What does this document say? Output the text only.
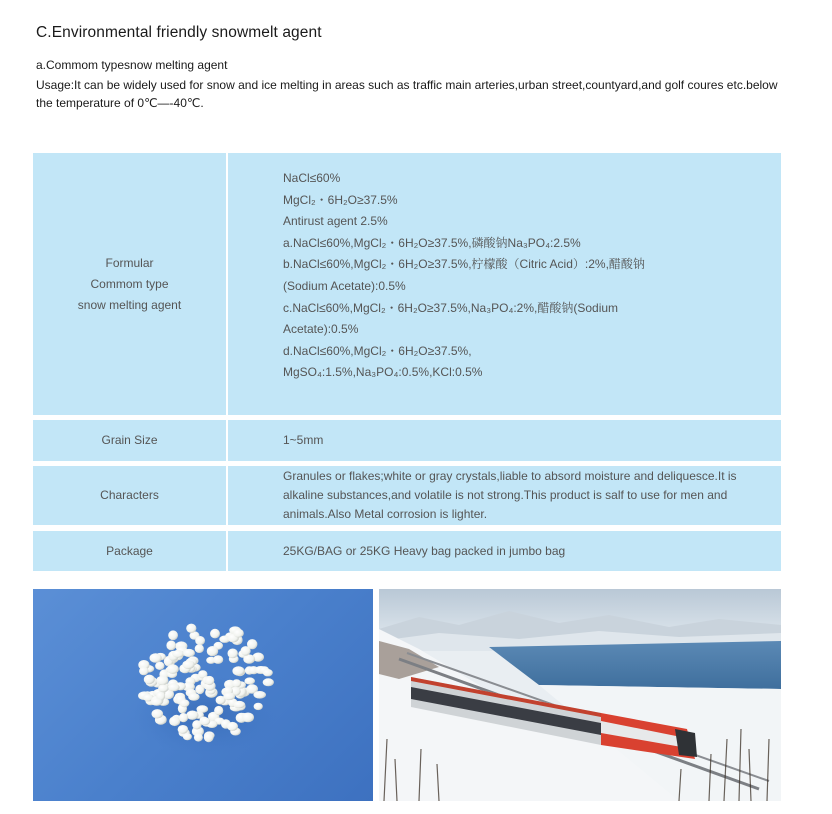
C.Environmental friendly snowmelt agent
a.Commom typesnow melting agent
Usage:It can be widely used for snow and ice melting in areas such as traffic main arteries,urban street,countyard,and golf coures etc.below the temperature of 0℃—-40℃.
Formular
Commom type
snow melting agent
NaCl≤60%
MgCl₂・6H₂O≥37.5%
Antirust agent 2.5%
a.NaCl≤60%,MgCl₂・6H₂O≥37.5%,磷酸钠Na₃PO₄:2.5%
b.NaCl≤60%,MgCl₂・6H₂O≥37.5%,柠檬酸（Citric Acid）:2%,醋酸钠
(Sodium Acetate):0.5%
c.NaCl≤60%,MgCl₂・6H₂O≥37.5%,Na₃PO₄:2%,醋酸钠(Sodium
Acetate):0.5%
d.NaCl≤60%,MgCl₂・6H₂O≥37.5%,
MgSO₄:1.5%,Na₃PO₄:0.5%,KCl:0.5%
Grain Size	1~5mm
Characters
Granules or flakes;white or gray crystals,liable to absord moisture and deliquesce.It is alkaline substances,and volatile is not strong.This product is salf to use for men and animals.Also Metal corrosion is lighter.
Package	25KG/BAG or 25KG Heavy bag packed in jumbo bag
